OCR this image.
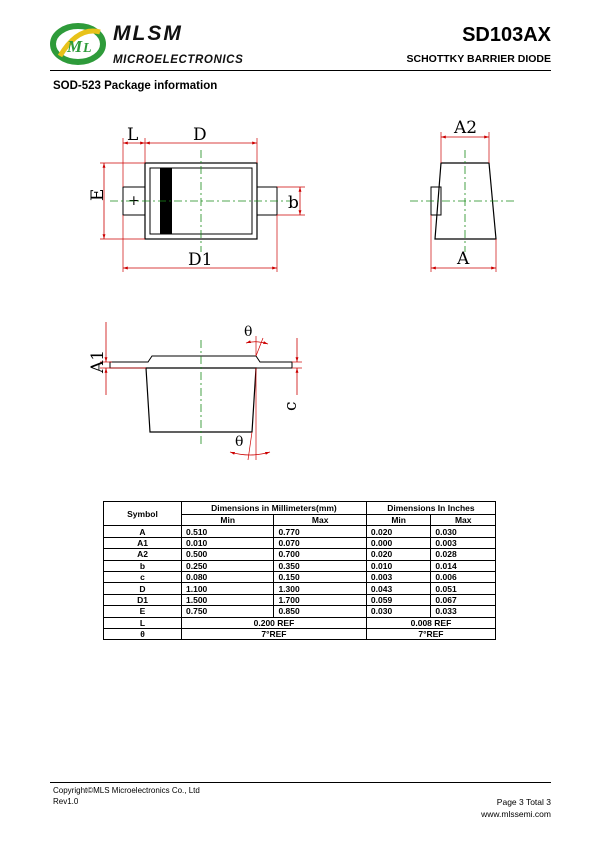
M L
MLSM
MICROELECTRONICS
SD103AX
SCHOTTKY BARRIER DIODE
SOD-523 Package information
+
L	D
D1
E	b
A2
A
A1
c
θ
θ
Symbol	Dimensions in Millimeters(mm)		Dimensions In Inches	
	Min	Max	Min	Max
A	0.510	0.770	0.020	0.030
A1	0.010	0.070	0.000	0.003
A2	0.500	0.700	0.020	0.028
b	0.250	0.350	0.010	0.014
c	0.080	0.150	0.003	0.006
D	1.100	1.300	0.043	0.051
D1	1.500	1.700	0.059	0.067
E	0.750	0.850	0.030	0.033
L	0.200 REF		0.008 REF	
θ	7°REF		7°REF	
Copyright©MLS Microelectronics Co., Ltd
Rev1.0	Page 3 Total 3
www.mlssemi.com
